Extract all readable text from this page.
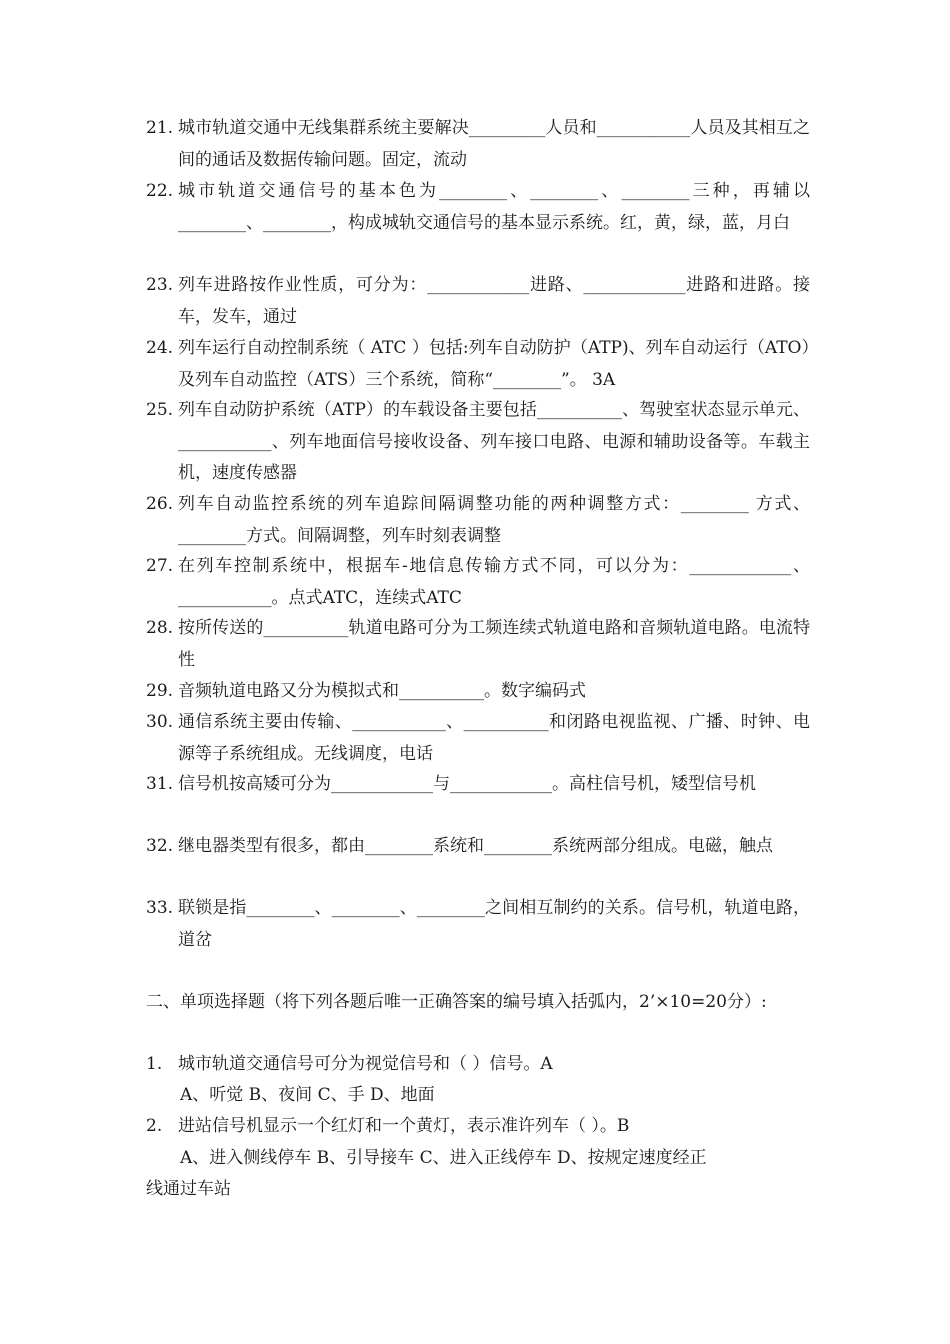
21. 城市轨道交通中无线集群系统主要解决_________人员和___________人员及其相互之间的通话及数据传输问题。固定，流动
22. 城市轨道交通信号的基本色为________、________、________三种，再辅以________、________，构成城轨交通信号的基本显示系统。红，黄，绿，蓝，月白
23. 列车进路按作业性质，可分为：____________进路、____________进路和进路。接车，发车，通过
24. 列车运行自动控制系统（ ATC ）包括:列车自动防护（ATP)、列车自动运行（ATO）及列车自动监控（ATS）三个系统，简称“________”。 3A
25. 列车自动防护系统（ATP）的车载设备主要包括__________、驾驶室状态显示单元、___________、列车地面信号接收设备、列车接口电路、电源和辅助设备等。车载主机，速度传感器
26. 列车自动监控系统的列车追踪间隔调整功能的两种调整方式：________ 方式、________方式。间隔调整，列车时刻表调整
27. 在列车控制系统中，根据车-地信息传输方式不同，可以分为：____________、___________。点式ATC，连续式ATC
28. 按所传送的__________轨道电路可分为工频连续式轨道电路和音频轨道电路。电流特性
29. 音频轨道电路又分为模拟式和__________。数字编码式
30. 通信系统主要由传输、___________、__________和闭路电视监视、广播、时钟、电源等子系统组成。无线调度，电话
31. 信号机按高矮可分为____________与____________。高柱信号机，矮型信号机
32. 继电器类型有很多，都由________系统和________系统两部分组成。电磁，触点
33. 联锁是指________、________、________之间相互制约的关系。信号机，轨道电路，道岔
二、单项选择题（将下列各题后唯一正确答案的编号填入括弧内，2’×10=20分）:
1. 城市轨道交通信号可分为视觉信号和（ ）信号。A
A、听觉 B、夜间 C、手 D、地面
2. 进站信号机显示一个红灯和一个黄灯，表示准许列车（ ）。B
A、进入侧线停车 B、引导接车 C、进入正线停车 D、按规定速度经正
线通过车站
